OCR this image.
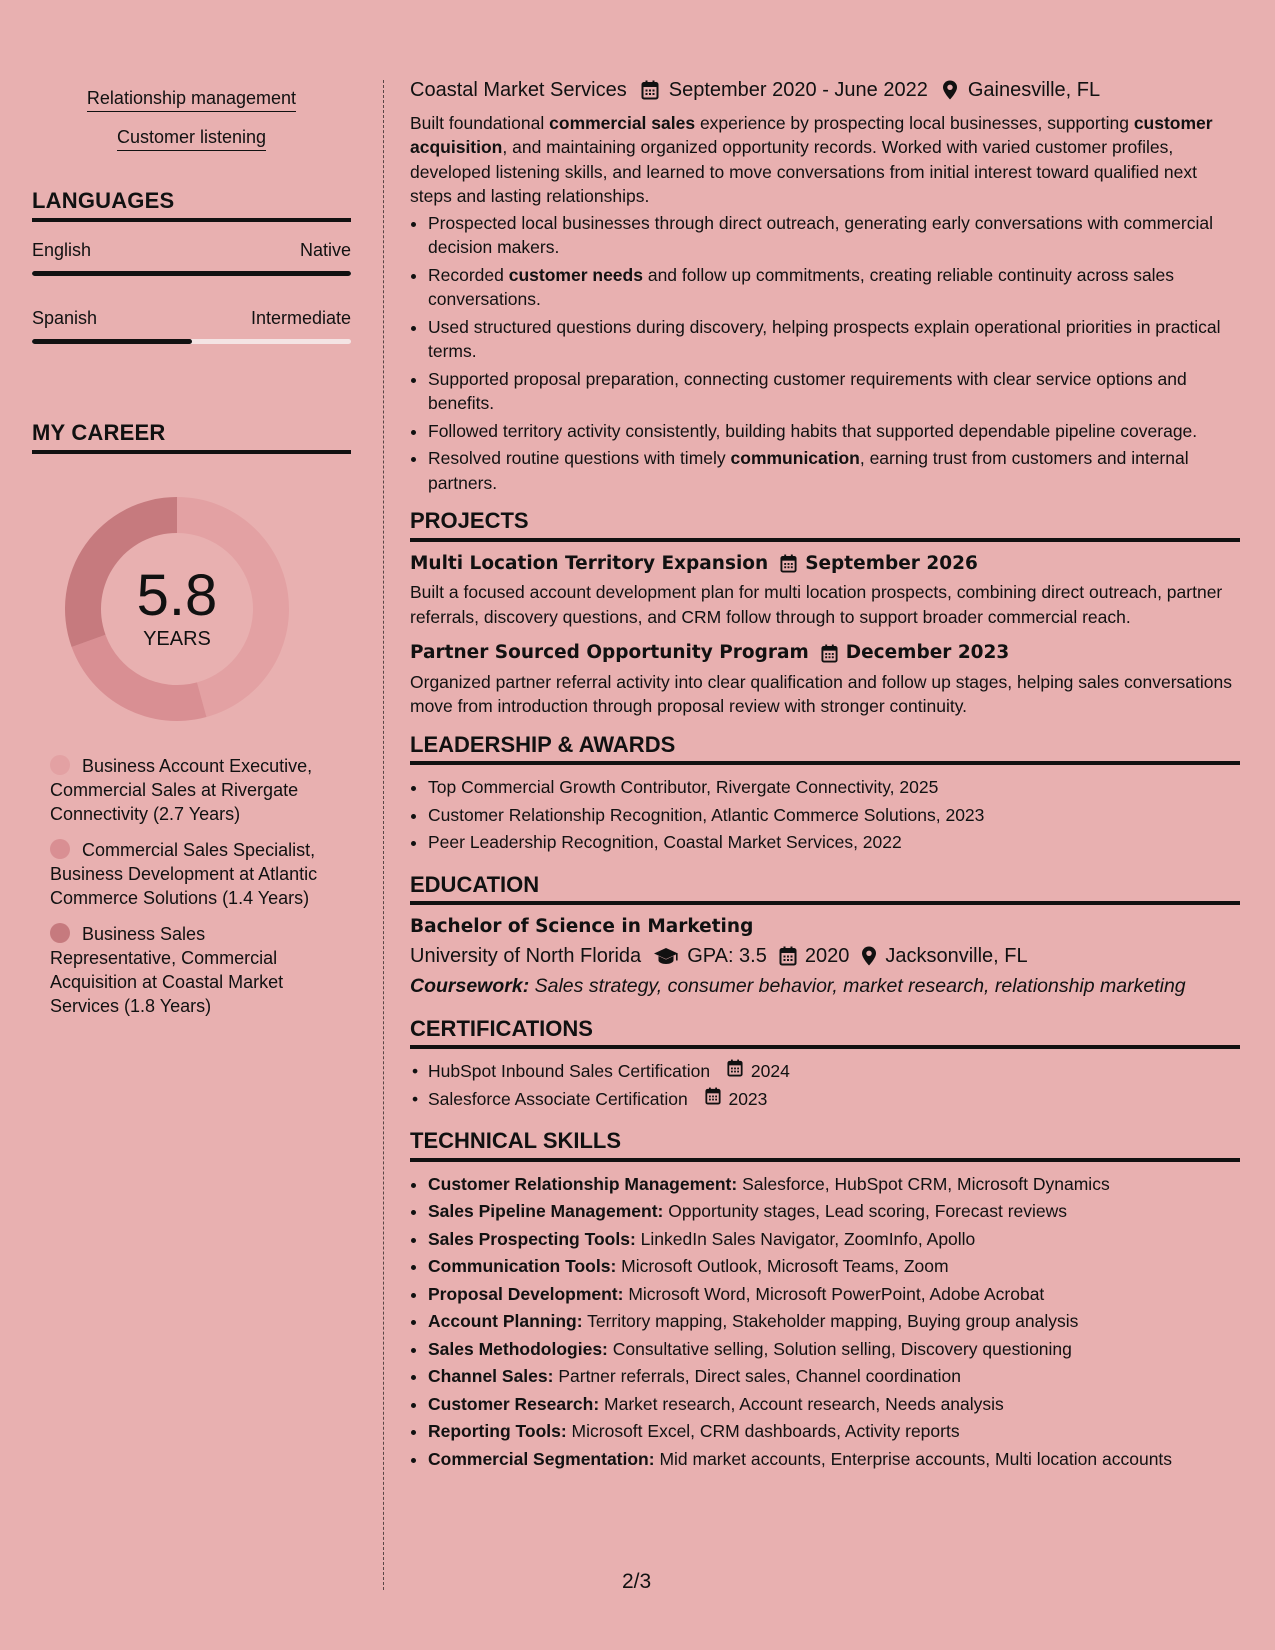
Relationship management
Customer listening
LANGUAGES
English	Native
Spanish	Intermediate
MY CAREER
5.8
YEARS
Business Account Executive, Commercial Sales at Rivergate Connectivity (2.7 Years)
Commercial Sales Specialist, Business Development at Atlantic Commerce Solutions (1.4 Years)
Business Sales Representative, Commercial Acquisition at Coastal Market Services (1.8 Years)
Coastal Market Services September 2020 - June 2022 Gainesville, FL
Built foundational commercial sales experience by prospecting local businesses, supporting customer acquisition, and maintaining organized opportunity records. Worked with varied customer profiles, developed listening skills, and learned to move conversations from initial interest toward qualified next steps and lasting relationships.
• Prospected local businesses through direct outreach, generating early conversations with commercial decision makers.
• Recorded customer needs and follow up commitments, creating reliable continuity across sales conversations.
• Used structured questions during discovery, helping prospects explain operational priorities in practical terms.
• Supported proposal preparation, connecting customer requirements with clear service options and benefits.
• Followed territory activity consistently, building habits that supported dependable pipeline coverage.
• Resolved routine questions with timely communication, earning trust from customers and internal partners.
PROJECTS
Multi Location Territory Expansion September 2026
Built a focused account development plan for multi location prospects, combining direct outreach, partner referrals, discovery questions, and CRM follow through to support broader commercial reach.
Partner Sourced Opportunity Program December 2023
Organized partner referral activity into clear qualification and follow up stages, helping sales conversations move from introduction through proposal review with stronger continuity.
LEADERSHIP & AWARDS
• Top Commercial Growth Contributor, Rivergate Connectivity, 2025
• Customer Relationship Recognition, Atlantic Commerce Solutions, 2023
• Peer Leadership Recognition, Coastal Market Services, 2022
EDUCATION
Bachelor of Science in Marketing
University of North Florida GPA: 3.5 2020 Jacksonville, FL
Coursework: Sales strategy, consumer behavior, market research, relationship marketing
CERTIFICATIONS
• HubSpot Inbound Sales Certification 2024
• Salesforce Associate Certification 2023
TECHNICAL SKILLS
• Customer Relationship Management: Salesforce, HubSpot CRM, Microsoft Dynamics
• Sales Pipeline Management: Opportunity stages, Lead scoring, Forecast reviews
• Sales Prospecting Tools: LinkedIn Sales Navigator, ZoomInfo, Apollo
• Communication Tools: Microsoft Outlook, Microsoft Teams, Zoom
• Proposal Development: Microsoft Word, Microsoft PowerPoint, Adobe Acrobat
• Account Planning: Territory mapping, Stakeholder mapping, Buying group analysis
• Sales Methodologies: Consultative selling, Solution selling, Discovery questioning
• Channel Sales: Partner referrals, Direct sales, Channel coordination
• Customer Research: Market research, Account research, Needs analysis
• Reporting Tools: Microsoft Excel, CRM dashboards, Activity reports
• Commercial Segmentation: Mid market accounts, Enterprise accounts, Multi location accounts
2/3
